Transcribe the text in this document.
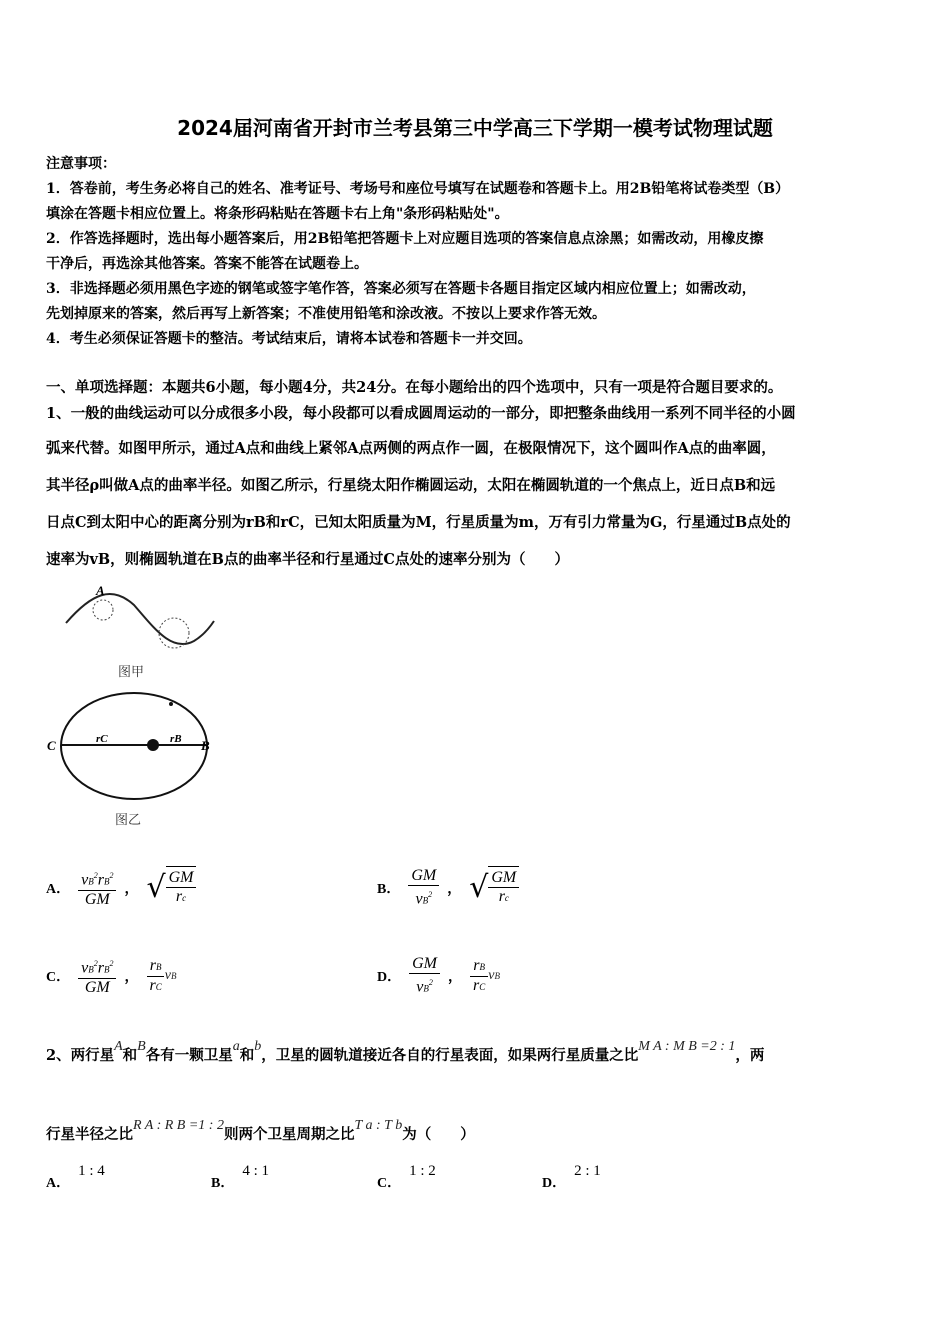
2024届河南省开封市兰考县第三中学高三下学期一模考试物理试题
注意事项：
1．答卷前，考生务必将自己的姓名、准考证号、考场号和座位号填写在试题卷和答题卡上。用2B铅笔将试卷类型（B）
填涂在答题卡相应位置上。将条形码粘贴在答题卡右上角"条形码粘贴处"。
2．作答选择题时，选出每小题答案后，用2B铅笔把答题卡上对应题目选项的答案信息点涂黑；如需改动，用橡皮擦
干净后，再选涂其他答案。答案不能答在试题卷上。
3．非选择题必须用黑色字迹的钢笔或签字笔作答，答案必须写在答题卡各题目指定区域内相应位置上；如需改动，
先划掉原来的答案，然后再写上新答案；不准使用铅笔和涂改液。不按以上要求作答无效。
4．考生必须保证答题卡的整洁。考试结束后，请将本试卷和答题卡一并交回。
一、单项选择题：本题共6小题，每小题4分，共24分。在每小题给出的四个选项中，只有一项是符合题目要求的。
1、一般的曲线运动可以分成很多小段，每小段都可以看成圆周运动的一部分，即把整条曲线用一系列不同半径的小圆
弧来代替。如图甲所示，通过A点和曲线上紧邻A点两侧的两点作一圆，在极限情况下，这个圆叫作A点的曲率圆，
其半径ρ叫做A点的曲率半径。如图乙所示，行星绕太阳作椭圆运动，太阳在椭圆轨道的一个焦点上，近日点B和远
日点C到太阳中心的距离分别为rB和rC，已知太阳质量为M，行星质量为m，万有引力常量为G，行星通过B点处的
速率为vB，则椭圆轨道在B点的曲率半径和行星通过C点处的速率分别为（　　）
A
图甲
C	B
rC	rB
图乙
A． $\frac{vB^2rB^2}{GM}$ ， √ $\frac{GM}{rc}$	B． $\frac{GM}{vB^2}$ ， √ $\frac{GM}{rc}$
C． $\frac{vB^2rB^2}{GM}$ ， $\frac{rB}{rC}$ vB	D． $\frac{GM}{vB^2}$ ， $\frac{rB}{rC}$ vB
2、两行星A和B各有一颗卫星a和b，卫星的圆轨道接近各自的行星表面，如果两行星质量之比M A : M B =2 : 1，两
行星半径之比R A : R B =1 : 2则两个卫星周期之比T a : T b为（　　）
A．1 : 4
B．4 : 1
C．1 : 2
D．2 : 1
